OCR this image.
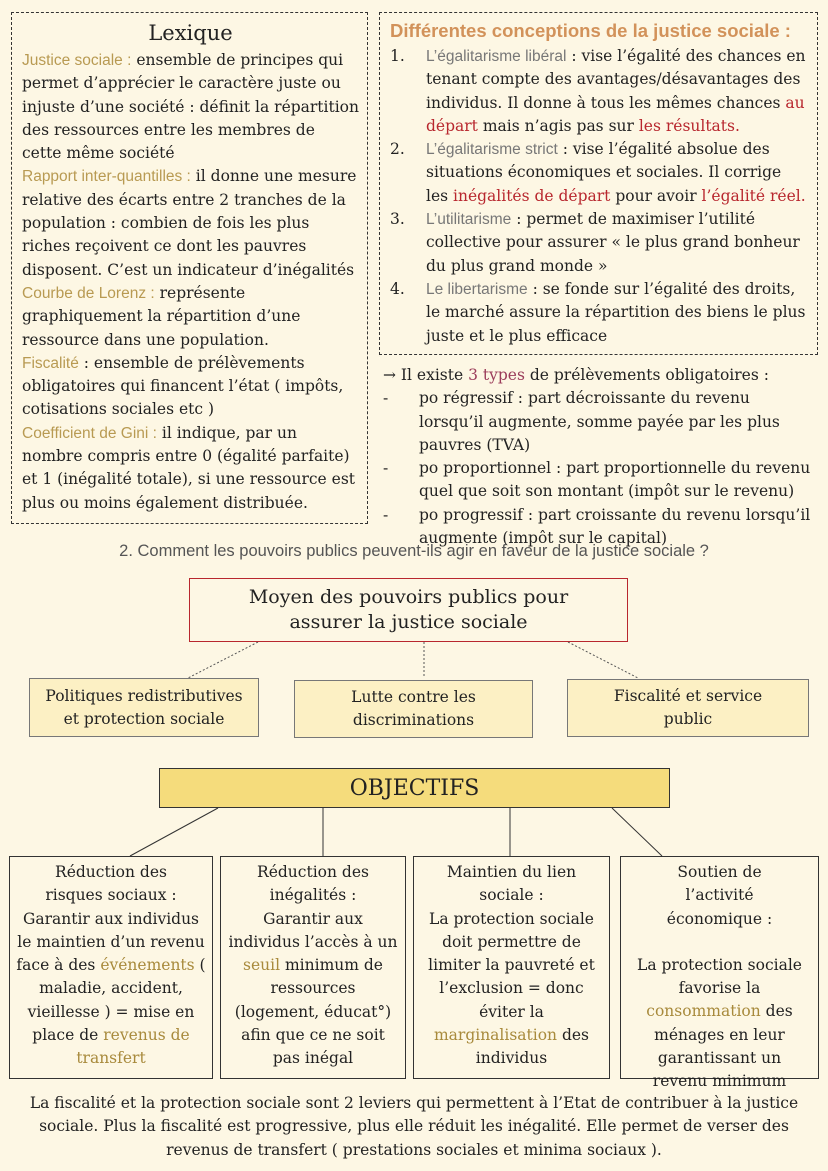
Lexique

Justice sociale : ensemble de principes qui permet d’apprécier le caractère juste ou injuste d’une société : définit la répartition des ressources entre les membres de cette même société

Rapport inter-quantilles : il donne une mesure relative des écarts entre 2 tranches de la population : combien de fois les plus riches reçoivent ce dont les pauvres disposent. C’est un indicateur d’inégalités

Courbe de Lorenz : représente graphiquement la répartition d’une ressource dans une population.

Fiscalité : ensemble de prélèvements obligatoires qui financent l’état ( impôts, cotisations sociales etc )

Coefficient de Gini : il indique, par un nombre compris entre 0 (égalité parfaite) et 1 (inégalité totale), si une ressource est plus ou moins également distribuée.

Différentes conceptions de la justice sociale :
1. L’égalitarisme libéral : vise l’égalité des chances en tenant compte des avantages/désavantages des individus. Il donne à tous les mêmes chances au départ mais n’agis pas sur les résultats.
2. L’égalitarisme strict : vise l’égalité absolue des situations économiques et sociales. Il corrige les inégalités de départ pour avoir l’égalité réel.
3. L’utilitarisme : permet de maximiser l’utilité collective pour assurer « le plus grand bonheur du plus grand monde »
4. Le libertarisme : se fonde sur l’égalité des droits, le marché assure la répartition des biens le plus juste et le plus efficace

→ Il existe 3 types de prélèvements obligatoires :

- po régressif : part décroissante du revenu lorsqu’il augmente, somme payée par les plus pauvres (TVA)

- po proportionnel : part proportionnelle du revenu quel que soit son montant (impôt sur le revenu)

- po progressif : part croissante du revenu lorsqu’il augmente (impôt sur le capital)

2. Comment les pouvoirs publics peuvent-ils agir en faveur de la justice sociale ?
Moyen des pouvoirs publics pour assurer la justice sociale
Politiques redistributives et protection sociale
Lutte contre les discriminations
Fiscalité et service public
OBJECTIFS

Réduction des risques sociaux :

Garantir aux individus le maintien d’un revenu face à des événements ( maladie, accident, vieillesse ) = mise en place de revenus de transfert

Réduction des inégalités :

Garantir aux individus l’accès à un seuil minimum de ressources (logement, éducat°) afin que ce ne soit pas inégal

Maintien du lien sociale :

La protection sociale doit permettre de limiter la pauvreté et l’exclusion = donc éviter la marginalisation des individus

Soutien de l’activité économique :

La protection sociale favorise la consommation des ménages en leur garantissant un revenu minimum

La fiscalité et la protection sociale sont 2 leviers qui permettent à l’Etat de contribuer à la justice sociale. Plus la fiscalité est progressive, plus elle réduit les inégalité. Elle permet de verser des revenus de transfert ( prestations sociales et minima sociaux ).
